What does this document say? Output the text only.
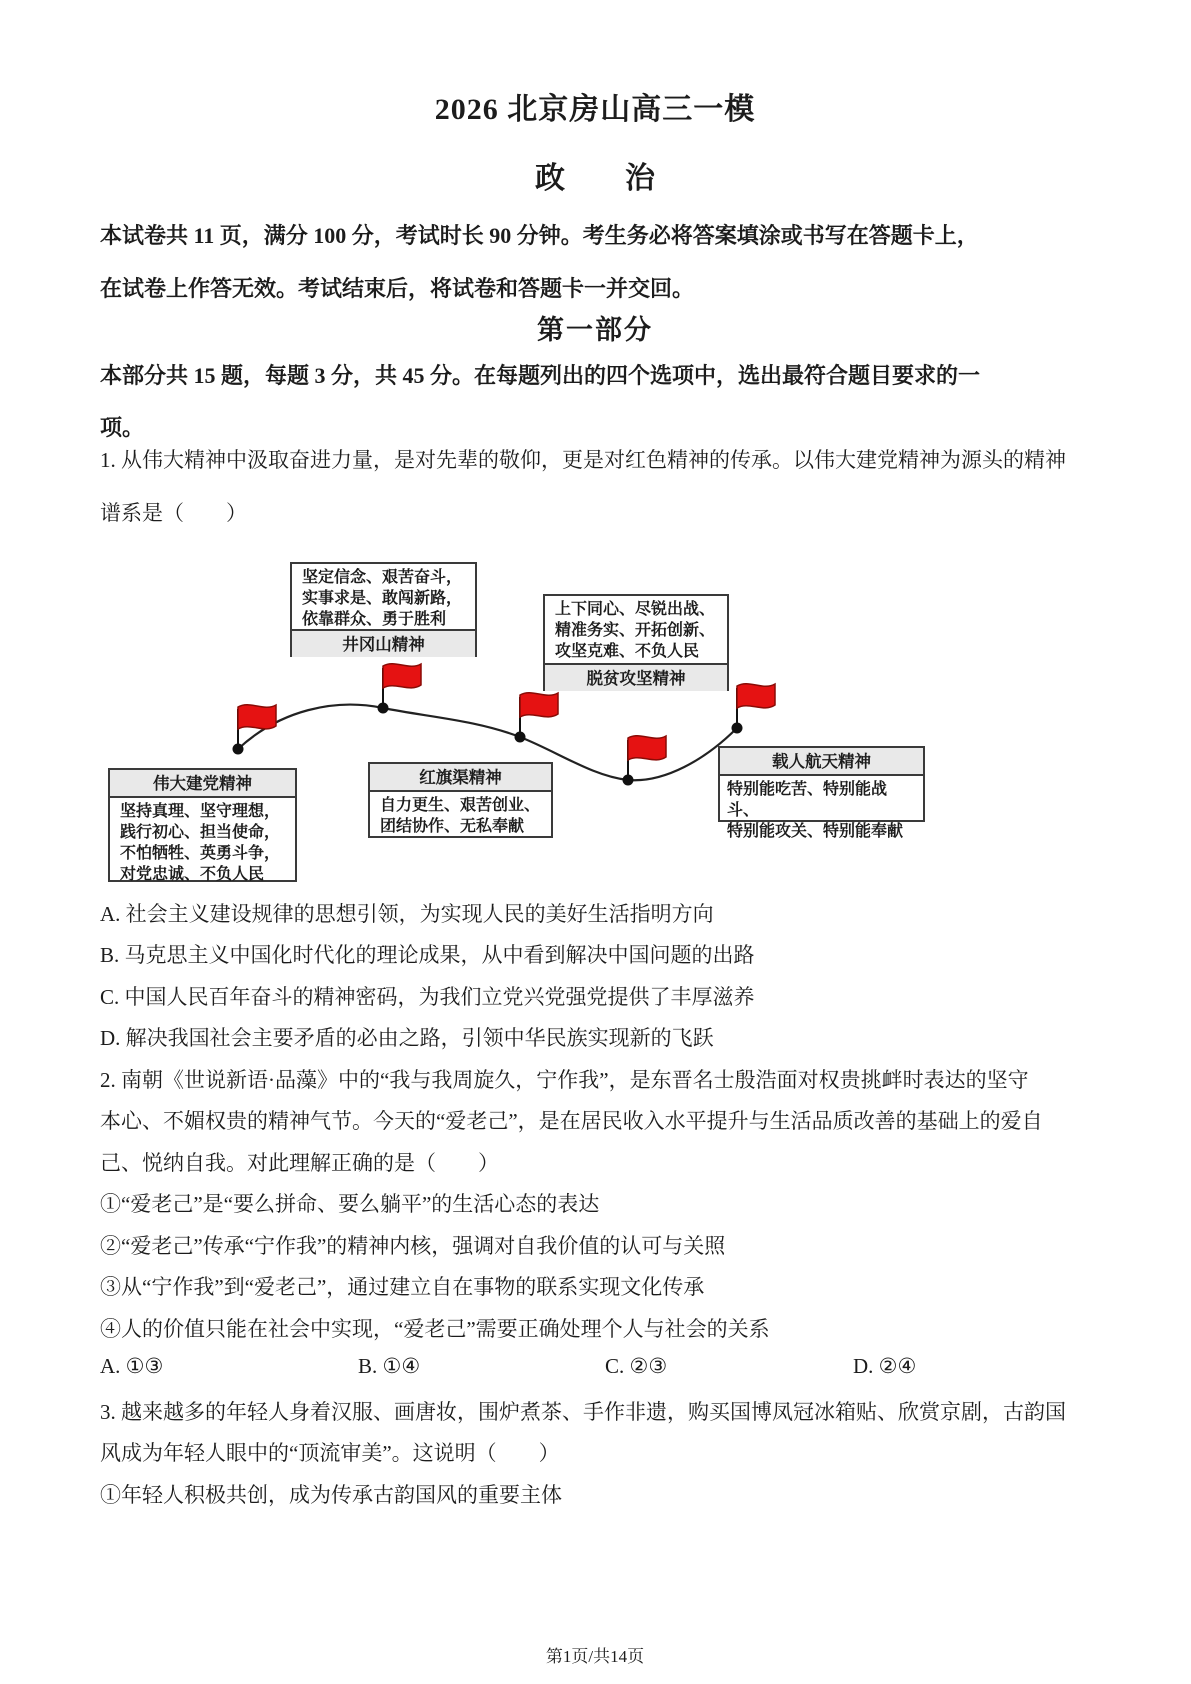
2026 北京房山高三一模
政　　治
本试卷共 11 页，满分 100 分，考试时长 90 分钟。考生务必将答案填涂或书写在答题卡上，
在试卷上作答无效。考试结束后，将试卷和答题卡一并交回。
第一部分
本部分共 15 题，每题 3 分，共 45 分。在每题列出的四个选项中，选出最符合题目要求的一
项。
1. 从伟大精神中汲取奋进力量，是对先辈的敬仰，更是对红色精神的传承。以伟大建党精神为源头的精神
谱系是（　　）
坚定信念、艰苦奋斗，
实事求是、敢闯新路，
依靠群众、勇于胜利
井冈山精神
上下同心、尽锐出战、
精准务实、开拓创新、
攻坚克难、不负人民
脱贫攻坚精神
伟大建党精神
坚持真理、坚守理想，
践行初心、担当使命，
不怕牺牲、英勇斗争，
对党忠诚、不负人民
红旗渠精神
自力更生、艰苦创业、
团结协作、无私奉献
载人航天精神
特别能吃苦、特别能战斗、
特别能攻关、特别能奉献
A. 社会主义建设规律的思想引领，为实现人民的美好生活指明方向
B. 马克思主义中国化时代化的理论成果，从中看到解决中国问题的出路
C. 中国人民百年奋斗的精神密码，为我们立党兴党强党提供了丰厚滋养
D. 解决我国社会主要矛盾的必由之路，引领中华民族实现新的飞跃
2. 南朝《世说新语·品藻》中的“我与我周旋久，宁作我”，是东晋名士殷浩面对权贵挑衅时表达的坚守
本心、不媚权贵的精神气节。今天的“爱老己”，是在居民收入水平提升与生活品质改善的基础上的爱自
己、悦纳自我。对此理解正确的是（　　）
①“爱老己”是“要么拼命、要么躺平”的生活心态的表达
②“爱老己”传承“宁作我”的精神内核，强调对自我价值的认可与关照
③从“宁作我”到“爱老己”，通过建立自在事物的联系实现文化传承
④人的价值只能在社会中实现，“爱老己”需要正确处理个人与社会的关系
A. ①③	B. ①④	C. ②③	D. ②④
3. 越来越多的年轻人身着汉服、画唐妆，围炉煮茶、手作非遗，购买国博凤冠冰箱贴、欣赏京剧，古韵国
风成为年轻人眼中的“顶流审美”。这说明（　　）
①年轻人积极共创，成为传承古韵国风的重要主体
第1页/共14页
